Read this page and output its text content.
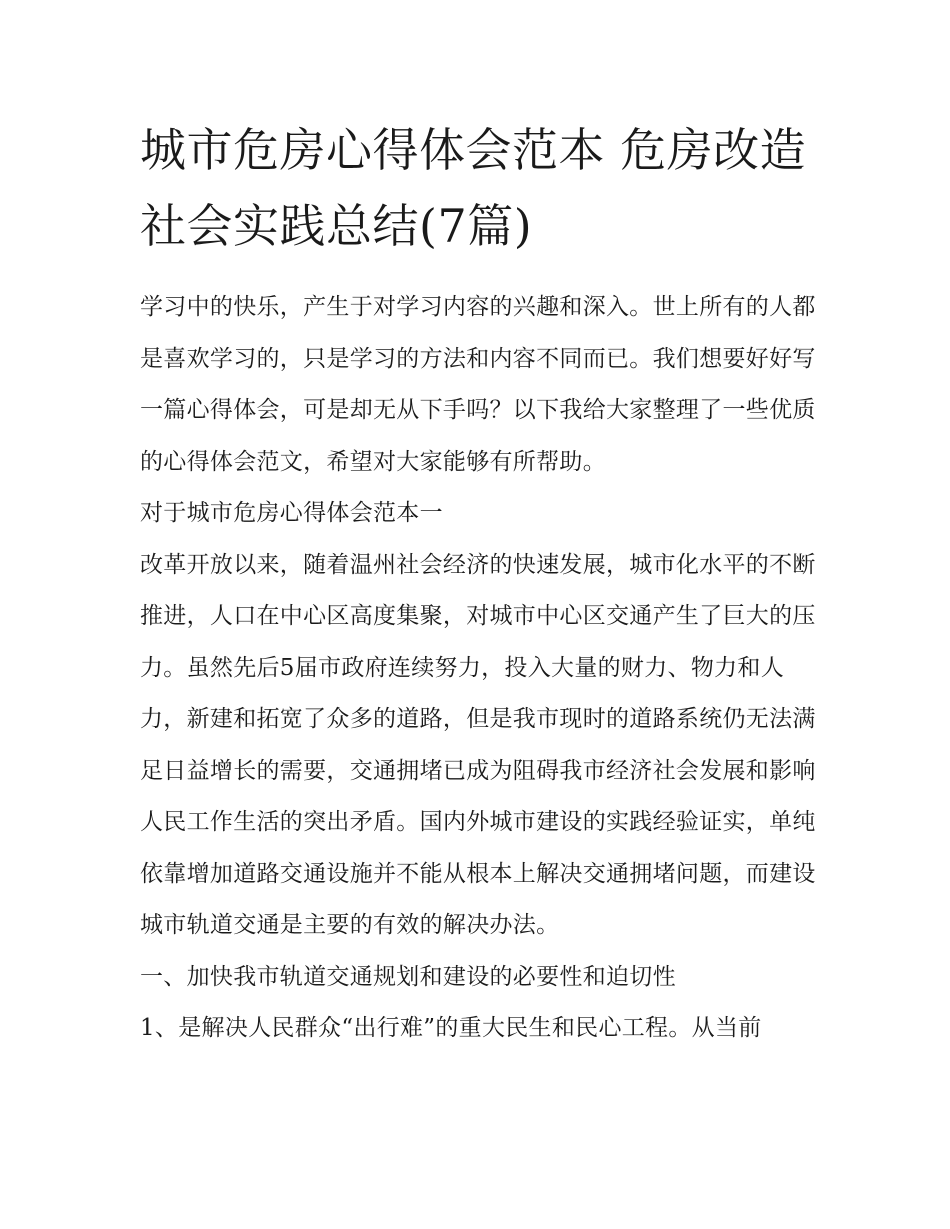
城市危房心得体会范本 危房改造社会实践总结(7篇)

学习中的快乐，产生于对学习内容的兴趣和深入。世上所有的人都是喜欢学习的，只是学习的方法和内容不同而已。我们想要好好写一篇心得体会，可是却无从下手吗？以下我给大家整理了一些优质的心得体会范文，希望对大家能够有所帮助。

对于城市危房心得体会范本一

改革开放以来，随着温州社会经济的快速发展，城市化水平的不断推进，人口在中心区高度集聚，对城市中心区交通产生了巨大的压力。虽然先后5届市政府连续努力，投入大量的财力、物力和人力，新建和拓宽了众多的道路，但是我市现时的道路系统仍无法满足日益增长的需要，交通拥堵已成为阻碍我市经济社会发展和影响人民工作生活的突出矛盾。国内外城市建设的实践经验证实，单纯依靠增加道路交通设施并不能从根本上解决交通拥堵问题，而建设城市轨道交通是主要的有效的解决办法。

一、加快我市轨道交通规划和建设的必要性和迫切性

1、是解决人民群众“出行难”的重大民生和民心工程。从当前
